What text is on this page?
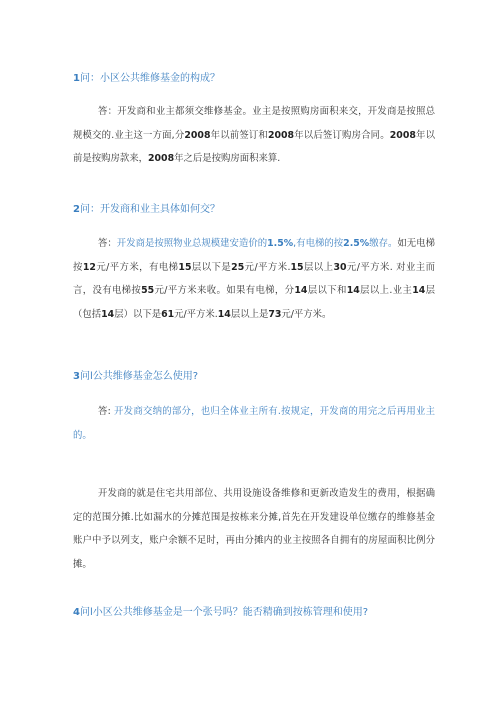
1问：小区公共维修基金的构成？
答：开发商和业主都须交维修基金。业主是按照购房面积来交，开发商是按照总规模交的.业主这一方面,分2008年以前签订和2008年以后签订购房合同。2008年以前是按购房款来，2008年之后是按购房面积来算.
2问：开发商和业主具体如何交？
答：开发商是按照物业总规模建安造价的1.5%,有电梯的按2.5%缴存。如无电梯按12元/平方米，有电梯15层以下是25元/平方米.15层以上30元/平方米. 对业主而言，没有电梯按55元/平方米来收。如果有电梯，分14层以下和14层以上.业主14层（包括14层）以下是61元/平方米.14层以上是73元/平方米。
3问l公共维修基金怎么使用?
答: 开发商交纳的部分，也归全体业主所有.按规定，开发商的用完之后再用业主的。
开发商的就是住宅共用部位、共用设施设备维修和更新改造发生的费用，根据确定的范围分摊.比如漏水的分摊范围是按栋来分摊,首先在开发建设单位缴存的维修基金账户中予以列支，账户余额不足时，再由分摊内的业主按照各自拥有的房屋面积比例分摊。
4问l小区公共维修基金是一个张号吗？能否精确到按栋管理和使用?
